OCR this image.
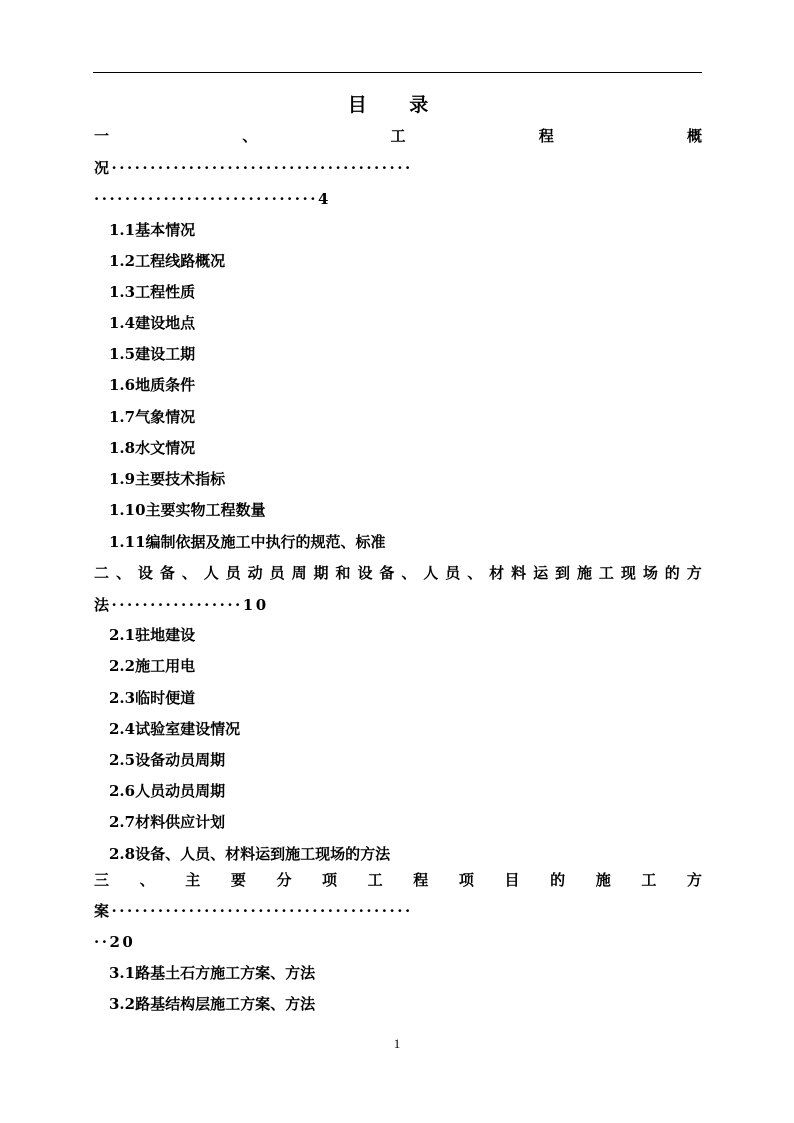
目 录
一	、	工	程	概
况·······································
·····························4
1.1基本情况
1.2工程线路概况
1.3工程性质
1.4建设地点
1.5建设工期
1.6地质条件
1.7气象情况
1.8水文情况
1.9主要技术指标
1.10主要实物工程数量
1.11编制依据及施工中执行的规范、标准
二 、 设 备 、 人 员 动 员 周 期 和 设 备 、 人 员 、 材 料 运 到 施 工 现 场 的 方
法·················10
2.1驻地建设
2.2施工用电
2.3临时便道
2.4试验室建设情况
2.5设备动员周期
2.6人员动员周期
2.7材料供应计划
2.8设备、人员、材料运到施工现场的方法
三 、 主 要 分 项 工 程 项 目 的 施 工 方
案·······································
··20
3.1路基土石方施工方案、方法
3.2路基结构层施工方案、方法
1
